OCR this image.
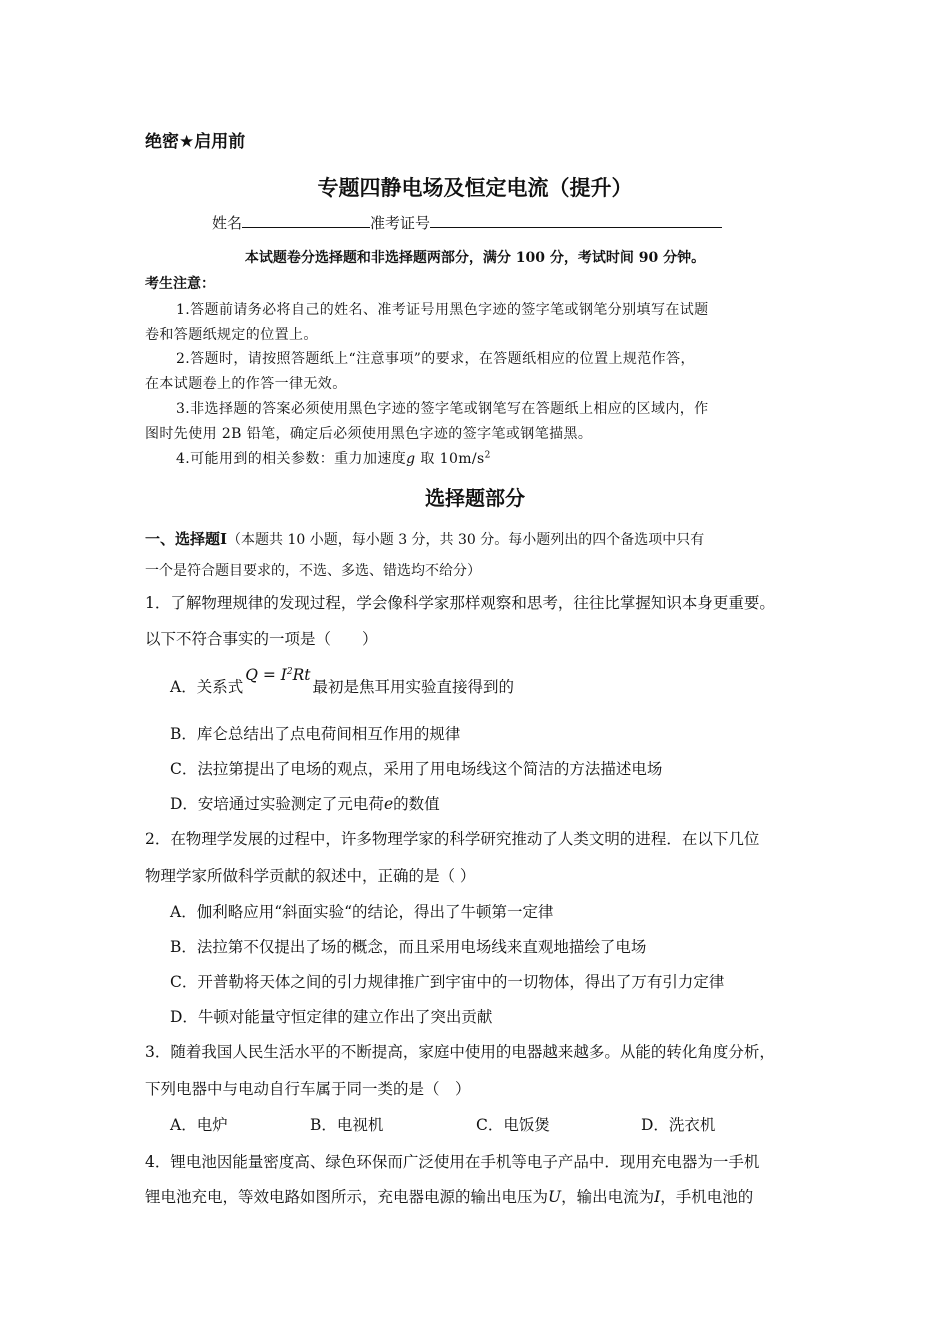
绝密★启用前
专题四静电场及恒定电流（提升）
姓名	准考证号
本试题卷分选择题和非选择题两部分，满分 100 分，考试时间 90 分钟。
考生注意：
1.答题前请务必将自己的姓名、准考证号用黑色字迹的签字笔或钢笔分别填写在试题
卷和答题纸规定的位置上。
2.答题时，请按照答题纸上“注意事项”的要求，在答题纸相应的位置上规范作答，
在本试题卷上的作答一律无效。
3.非选择题的答案必须使用黑色字迹的签字笔或钢笔写在答题纸上相应的区域内，作
图时先使用 2B 铅笔，确定后必须使用黑色字迹的签字笔或钢笔描黑。
4.可能用到的相关参数：重力加速度g 取 $10m/s^2$
选择题部分
一、选择题Ⅰ（本题共 10 小题，每小题 3 分，共 30 分。每小题列出的四个备选项中只有
一个是符合题目要求的，不选、多选、错选均不给分）
1．了解物理规律的发现过程，学会像科学家那样观察和思考，往往比掌握知识本身更重要。
以下不符合事实的一项是（　　）
A．关系式$Q = I^2Rt$最初是焦耳用实验直接得到的
B．库仑总结出了点电荷间相互作用的规律
C．法拉第提出了电场的观点，采用了用电场线这个简洁的方法描述电场
D．安培通过实验测定了元电荷e的数值
2．在物理学发展的过程中，许多物理学家的科学研究推动了人类文明的进程．在以下几位
物理学家所做科学贡献的叙述中，正确的是（ ）
A．伽利略应用“斜面实验“的结论，得出了牛顿第一定律
B．法拉第不仅提出了场的概念，而且采用电场线来直观地描绘了电场
C．开普勒将天体之间的引力规律推广到宇宙中的一切物体，得出了万有引力定律
D．牛顿对能量守恒定律的建立作出了突出贡献
3．随着我国人民生活水平的不断提高，家庭中使用的电器越来越多。从能的转化角度分析，
下列电器中与电动自行车属于同一类的是（　）
A．电炉	B．电视机	C．电饭煲	D．洗衣机
4．锂电池因能量密度高、绿色环保而广泛使用在手机等电子产品中．现用充电器为一手机
锂电池充电，等效电路如图所示，充电器电源的输出电压为U，输出电流为I，手机电池的
